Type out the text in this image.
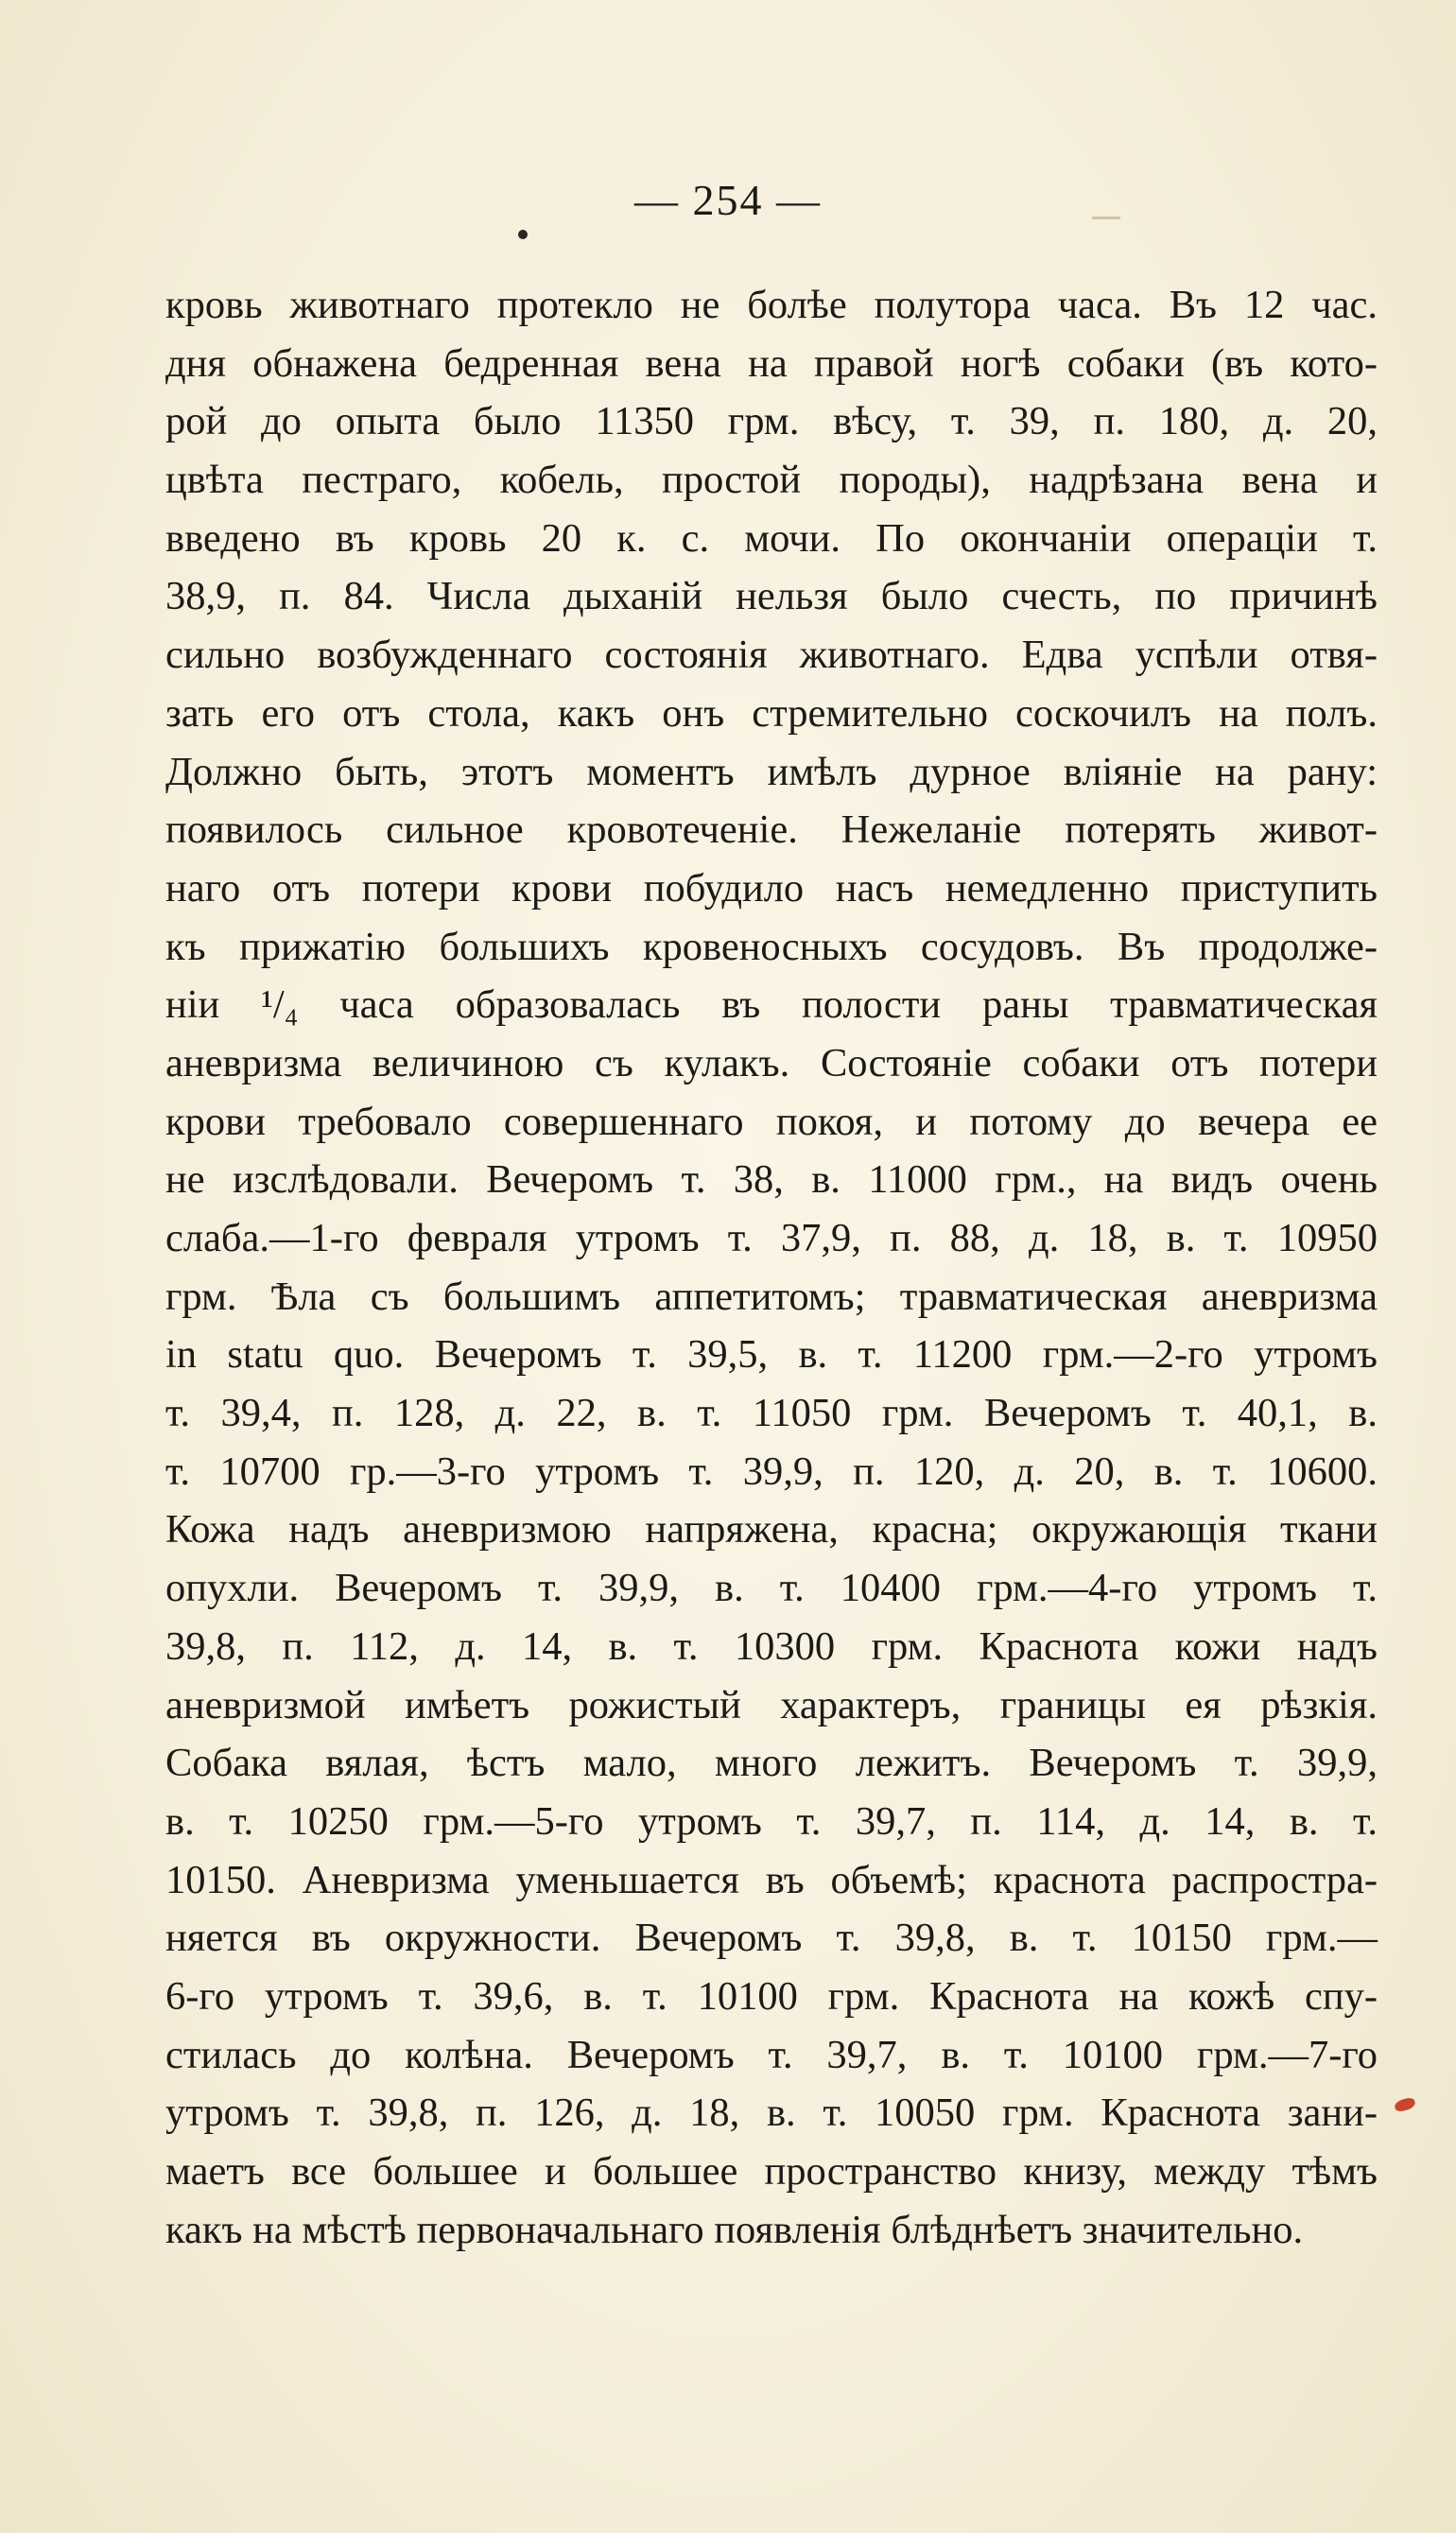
— 254 —
кровь животнаго протекло не болѣе полутора часа. Въ 12 час.
дня обнажена бедренная вена на правой ногѣ собаки (въ кото-
рой до опыта было 11350 грм. вѣсу, т. 39, п. 180, д. 20,
цвѣта пестраго, кобель, простой породы), надрѣзана вена и
введено въ кровь 20 к. с. мочи. По окончаніи операціи т.
38,9, п. 84. Числа дыханій нельзя было счесть, по причинѣ
сильно возбужденнаго состоянія животнаго. Едва успѣли отвя-
зать его отъ стола, какъ онъ стремительно соскочилъ на полъ.
Должно быть, этотъ моментъ имѣлъ дурное вліяніе на рану:
появилось сильное кровотеченіе. Нежеланіе потерять живот-
наго отъ потери крови побудило насъ немедленно приступить
къ прижатію большихъ кровеносныхъ сосудовъ. Въ продолже-
ніи ¹/₄ часа образовалась въ полости раны травматическая
аневризма величиною съ кулакъ. Состояніе собаки отъ потери
крови требовало совершеннаго покоя, и потому до вечера ее
не изслѣдовали. Вечеромъ т. 38, в. 11000 грм., на видъ очень
слаба.—1-го февраля утромъ т. 37,9, п. 88, д. 18, в. т. 10950
грм. Ѣла съ большимъ аппетитомъ; травматическая аневризма
in statu quo. Вечеромъ т. 39,5, в. т. 11200 грм.—2-го утромъ
т. 39,4, п. 128, д. 22, в. т. 11050 грм. Вечеромъ т. 40,1, в.
т. 10700 гр.—3-го утромъ т. 39,9, п. 120, д. 20, в. т. 10600.
Кожа надъ аневризмою напряжена, красна; окружающія ткани
опухли. Вечеромъ т. 39,9, в. т. 10400 грм.—4-го утромъ т.
39,8, п. 112, д. 14, в. т. 10300 грм. Краснота кожи надъ
аневризмой имѣетъ рожистый характеръ, границы ея рѣзкія.
Собака вялая, ѣстъ мало, много лежитъ. Вечеромъ т. 39,9,
в. т. 10250 грм.—5-го утромъ т. 39,7, п. 114, д. 14, в. т.
10150. Аневризма уменьшается въ объемѣ; краснота распростра-
няется въ окружности. Вечеромъ т. 39,8, в. т. 10150 грм.—
6-го утромъ т. 39,6, в. т. 10100 грм. Краснота на кожѣ спу-
стилась до колѣна. Вечеромъ т. 39,7, в. т. 10100 грм.—7-го
утромъ т. 39,8, п. 126, д. 18, в. т. 10050 грм. Краснота зани-
маетъ все большее и большее пространство книзу, между тѣмъ
какъ на мѣстѣ первоначальнаго появленія блѣднѣетъ значительно.
